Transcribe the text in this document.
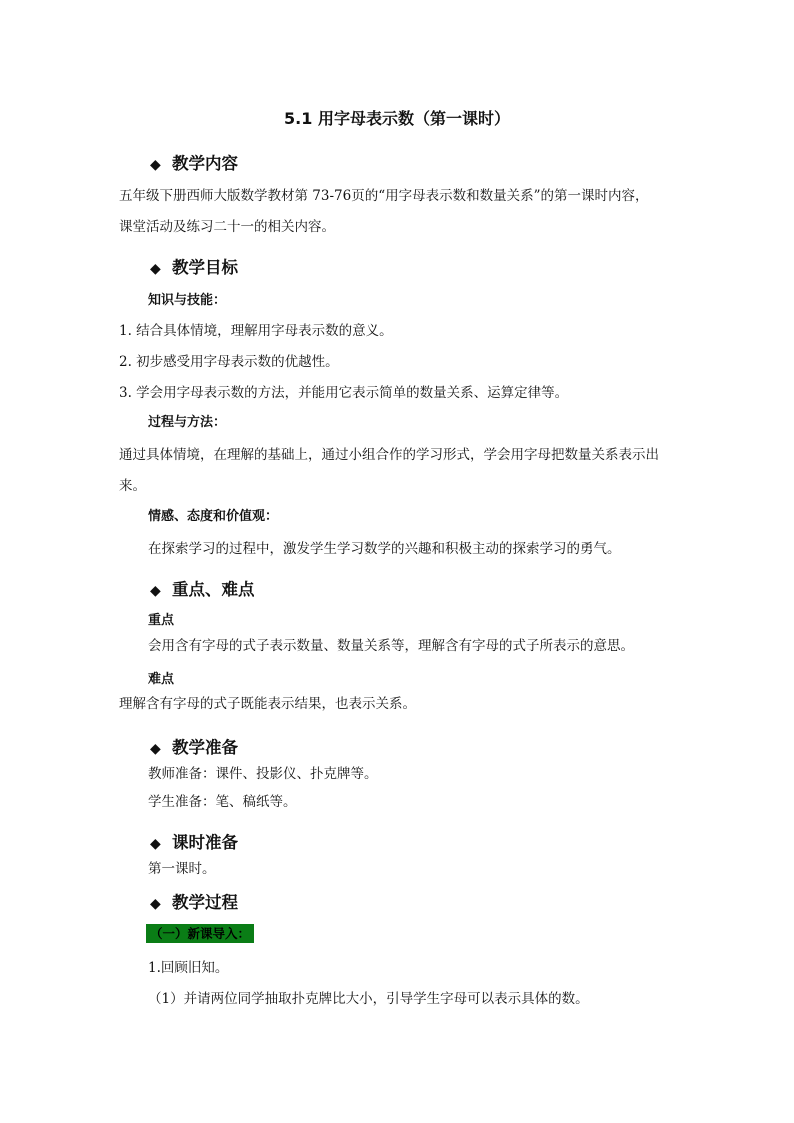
5.1 用字母表示数（第一课时）
◆ 教学内容
五年级下册西师大版数学教材第 73-76页的“用字母表示数和数量关系”的第一课时内容，
课堂活动及练习二十一的相关内容。
◆ 教学目标
知识与技能：
1. 结合具体情境，理解用字母表示数的意义。
2. 初步感受用字母表示数的优越性。
3. 学会用字母表示数的方法，并能用它表示简单的数量关系、运算定律等。
过程与方法：
通过具体情境，在理解的基础上，通过小组合作的学习形式，学会用字母把数量关系表示出
来。
情感、态度和价值观：
在探索学习的过程中，激发学生学习数学的兴趣和积极主动的探索学习的勇气。
◆ 重点、难点
重点
会用含有字母的式子表示数量、数量关系等，理解含有字母的式子所表示的意思。
难点
理解含有字母的式子既能表示结果，也表示关系。
◆ 教学准备
教师准备：课件、投影仪、扑克牌等。
学生准备：笔、稿纸等。
◆ 课时准备
第一课时。
◆ 教学过程
（一）新课导入：
1.回顾旧知。
（1）并请两位同学抽取扑克牌比大小，引导学生字母可以表示具体的数。
